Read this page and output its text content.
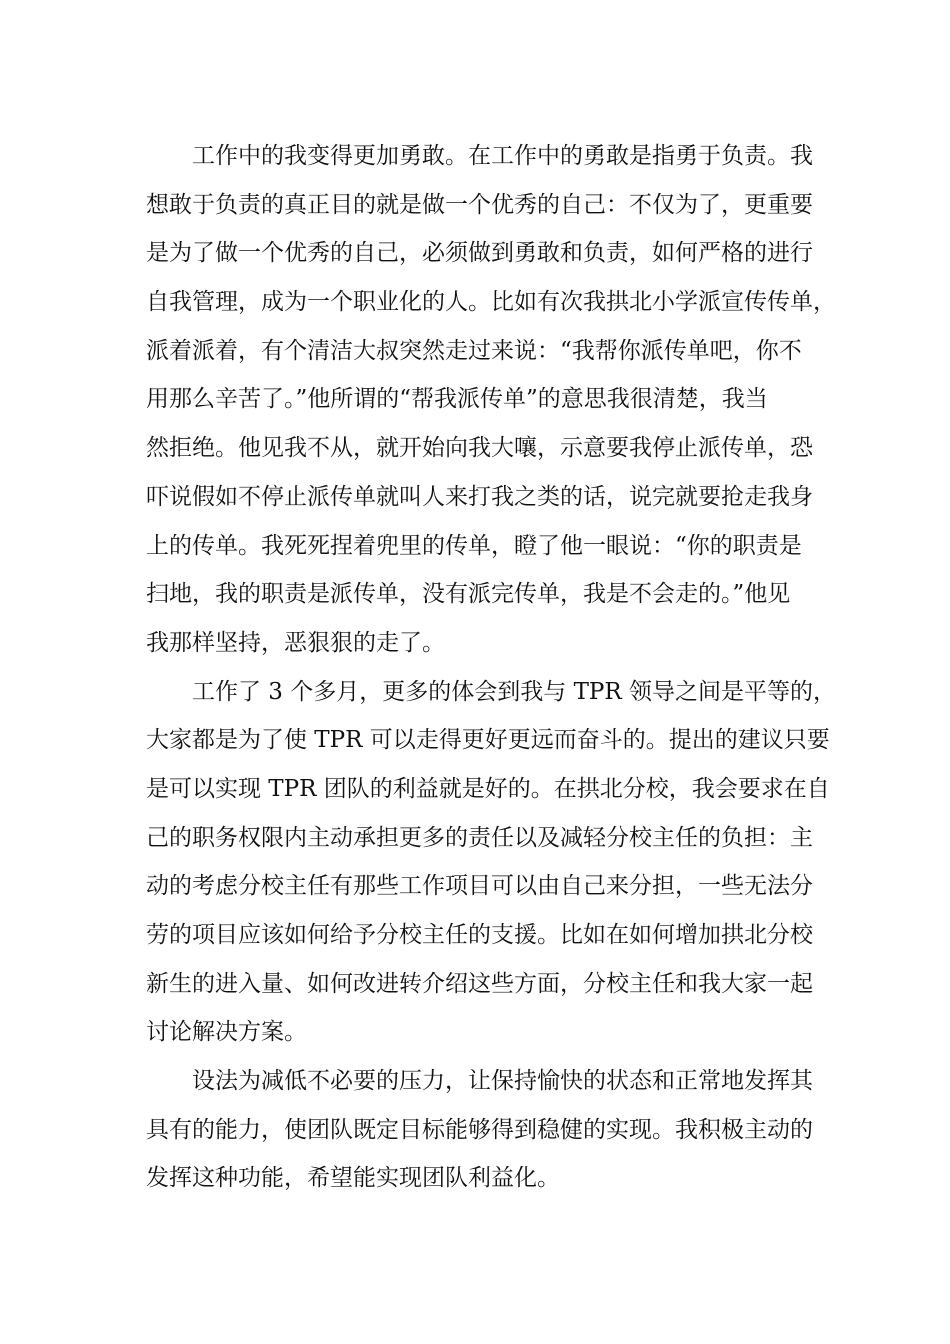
工作中的我变得更加勇敢。在工作中的勇敢是指勇于负责。我
想敢于负责的真正目的就是做一个优秀的自己：不仅为了，更重要
是为了做一个优秀的自己，必须做到勇敢和负责，如何严格的进行
自我管理，成为一个职业化的人。比如有次我拱北小学派宣传传单，
派着派着，有个清洁大叔突然走过来说：“我帮你派传单吧，你不
用那么辛苦了。”他所谓的“帮我派传单”的意思我很清楚，我当
然拒绝。他见我不从，就开始向我大嚷，示意要我停止派传单，恐
吓说假如不停止派传单就叫人来打我之类的话，说完就要抢走我身
上的传单。我死死捏着兜里的传单，瞪了他一眼说：“你的职责是
扫地，我的职责是派传单，没有派完传单，我是不会走的。”他见
我那样坚持，恶狠狠的走了。
工作了 3 个多月，更多的体会到我与 TPR 领导之间是平等的，
大家都是为了使 TPR 可以走得更好更远而奋斗的。提出的建议只要
是可以实现 TPR 团队的利益就是好的。在拱北分校，我会要求在自
己的职务权限内主动承担更多的责任以及减轻分校主任的负担：主
动的考虑分校主任有那些工作项目可以由自己来分担，一些无法分
劳的项目应该如何给予分校主任的支援。比如在如何增加拱北分校
新生的进入量、如何改进转介绍这些方面，分校主任和我大家一起
讨论解决方案。
设法为减低不必要的压力，让保持愉快的状态和正常地发挥其
具有的能力，使团队既定目标能够得到稳健的实现。我积极主动的
发挥这种功能，希望能实现团队利益化。
